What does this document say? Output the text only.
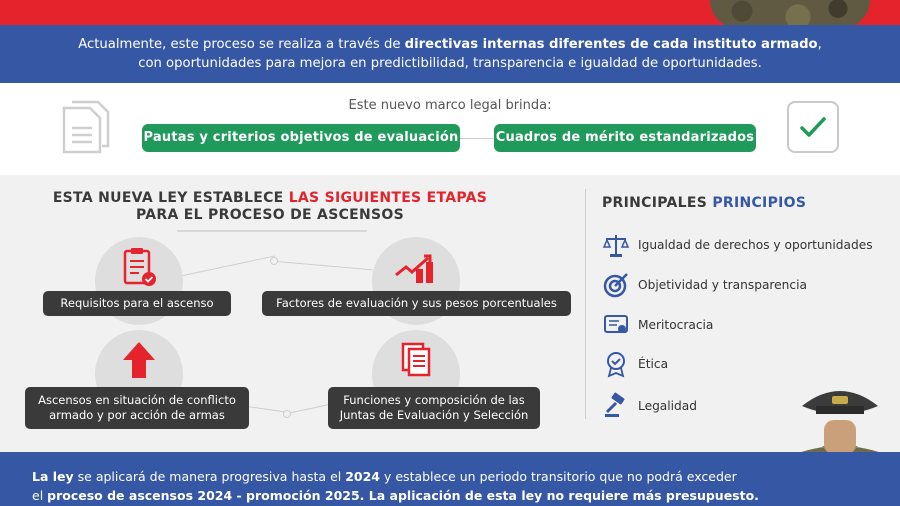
Actualmente, este proceso se realiza a través de directivas internas diferentes de cada instituto armado,
con oportunidades para mejora en predictibilidad, transparencia e igualdad de oportunidades.
Este nuevo marco legal brinda:
Pautas y criterios objetivos de evaluación	Cuadros de mérito estandarizados
ESTA NUEVA LEY ESTABLECE LAS SIGUIENTES ETAPAS
PARA EL PROCESO DE ASCENSOS
Requisitos para el ascenso	Factores de evaluación y sus pesos porcentuales
Ascensos en situación de conflicto
armado y por acción de armas
Funciones y composición de las
Juntas de Evaluación y Selección
PRINCIPALES PRINCIPIOS
Igualdad de derechos y oportunidades
Objetividad y transparencia
Meritocracia
Ética
Legalidad
La ley se aplicará de manera progresiva hasta el 2024 y establece un periodo transitorio que no podrá exceder
el proceso de ascensos 2024 - promoción 2025. La aplicación de esta ley no requiere más presupuesto.
